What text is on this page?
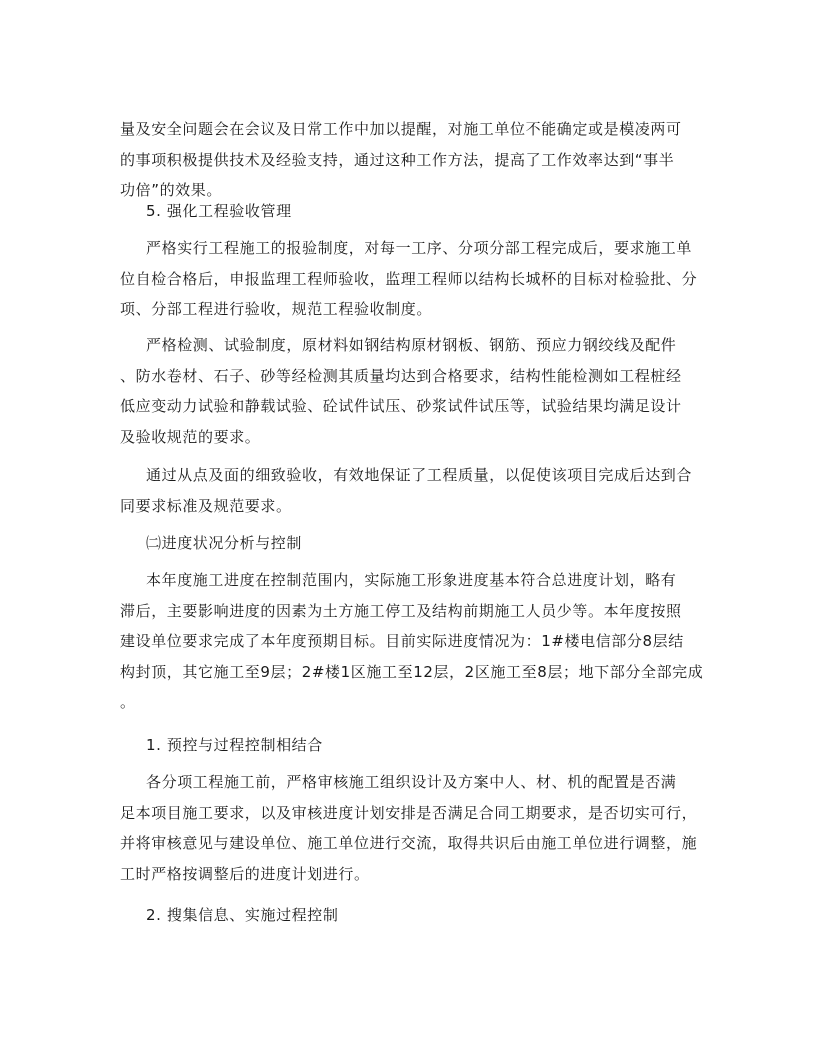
量及安全问题会在会议及日常工作中加以提醒，对施工单位不能确定或是模凌两可
的事项积极提供技术及经验支持，通过这种工作方法，提高了工作效率达到“事半
功倍”的效果。
5. 强化工程验收管理
严格实行工程施工的报验制度，对每一工序、分项分部工程完成后，要求施工单
位自检合格后，申报监理工程师验收，监理工程师以结构长城杯的目标对检验批、分
项、分部工程进行验收，规范工程验收制度。
严格检测、试验制度，原材料如钢结构原材钢板、钢筋、预应力钢绞线及配件
、防水卷材、石子、砂等经检测其质量均达到合格要求，结构性能检测如工程桩经
低应变动力试验和静载试验、砼试件试压、砂浆试件试压等，试验结果均满足设计
及验收规范的要求。
通过从点及面的细致验收，有效地保证了工程质量，以促使该项目完成后达到合
同要求标准及规范要求。
㈡进度状况分析与控制
本年度施工进度在控制范围内，实际施工形象进度基本符合总进度计划，略有
滞后，主要影响进度的因素为土方施工停工及结构前期施工人员少等。本年度按照
建设单位要求完成了本年度预期目标。目前实际进度情况为：1#楼电信部分8层结
构封顶，其它施工至9层；2#楼1区施工至12层，2区施工至8层；地下部分全部完成
。
1. 预控与过程控制相结合
各分项工程施工前，严格审核施工组织设计及方案中人、材、机的配置是否满
足本项目施工要求，以及审核进度计划安排是否满足合同工期要求，是否切实可行，
并将审核意见与建设单位、施工单位进行交流，取得共识后由施工单位进行调整，施
工时严格按调整后的进度计划进行。
2. 搜集信息、实施过程控制
